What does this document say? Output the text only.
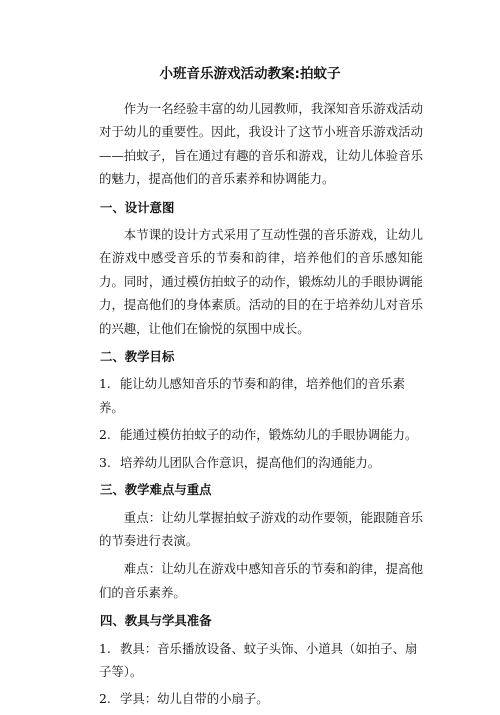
小班音乐游戏活动教案:拍蚊子

作为一名经验丰富的幼儿园教师，我深知音乐游戏活动对于幼儿的重要性。因此，我设计了这节小班音乐游戏活动——拍蚊子，旨在通过有趣的音乐和游戏，让幼儿体验音乐的魅力，提高他们的音乐素养和协调能力。

一、设计意图

本节课的设计方式采用了互动性强的音乐游戏，让幼儿在游戏中感受音乐的节奏和韵律，培养他们的音乐感知能力。同时，通过模仿拍蚊子的动作，锻炼幼儿的手眼协调能力，提高他们的身体素质。活动的目的在于培养幼儿对音乐的兴趣，让他们在愉悦的氛围中成长。

二、教学目标

1. 能让幼儿感知音乐的节奏和韵律，培养他们的音乐素养。

2. 能通过模仿拍蚊子的动作，锻炼幼儿的手眼协调能力。

3. 培养幼儿团队合作意识，提高他们的沟通能力。

三、教学难点与重点

重点：让幼儿掌握拍蚊子游戏的动作要领，能跟随音乐的节奏进行表演。

难点：让幼儿在游戏中感知音乐的节奏和韵律，提高他们的音乐素养。

四、教具与学具准备

1. 教具：音乐播放设备、蚊子头饰、小道具（如拍子、扇子等）。

2. 学具：幼儿自带的小扇子。
